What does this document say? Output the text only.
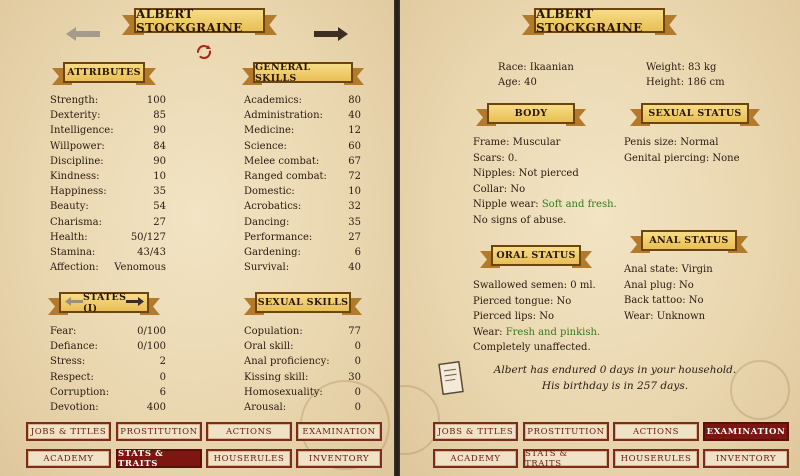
ALBERT STOCKGRAINE
ATTRIBUTES
Strength:	100
Dexterity:	85
Intelligence:	90
Willpower:	84
Discipline:	90
Kindness:	10
Happiness:	35
Beauty:	54
Charisma:	27
Health:	50/127
Stamina:	43/43
Affection: Venomous
GENERAL SKILLS
Academics:	80
Administration:	40
Medicine:	12
Science:	60
Melee combat:	67
Ranged combat: 72
Domestic:	10
Acrobatics:	32
Dancing:	35
Performance:	27
Gardening:	6
Survival:	40
STATES (I)
Fear:	0/100
Defiance:	0/100
Stress:	2
Respect:	0
Corruption:	6
Devotion:	400
SEXUAL SKILLS
Copulation:	77
Oral skill:	0
Anal proficiency: 0
Kissing skill:	30
Homosexuality:	0
Arousal:	0
JOBS & TITLES	PROSTITUTION	ACTIONS	EXAMINATION
ACADEMY	STATS & TRAITS	HOUSERULES	INVENTORY
ALBERT STOCKGRAINE
Race: Ikaanian
Age: 40
Weight: 83 kg
Height: 186 cm
BODY
Frame: Muscular
Scars: 0.
Nipples: Not pierced
Collar: No
Nipple wear: Soft and fresh. No signs of abuse.
SEXUAL STATUS
Penis size: Normal
Genital piercing: None
ANAL STATUS
Anal state: Virgin
Anal plug: No
Back tattoo: No
Wear: Unknown
ORAL STATUS
Swallowed semen: 0 ml.
Pierced tongue: No
Pierced lips: No
Wear: Fresh and pinkish.
Completely unaffected.
Albert has endured 0 days in your household.
His birthday is in 257 days.
JOBS & TITLES	PROSTITUTION	ACTIONS	EXAMINATION
ACADEMY	STATS & TRAITS	HOUSERULES	INVENTORY
